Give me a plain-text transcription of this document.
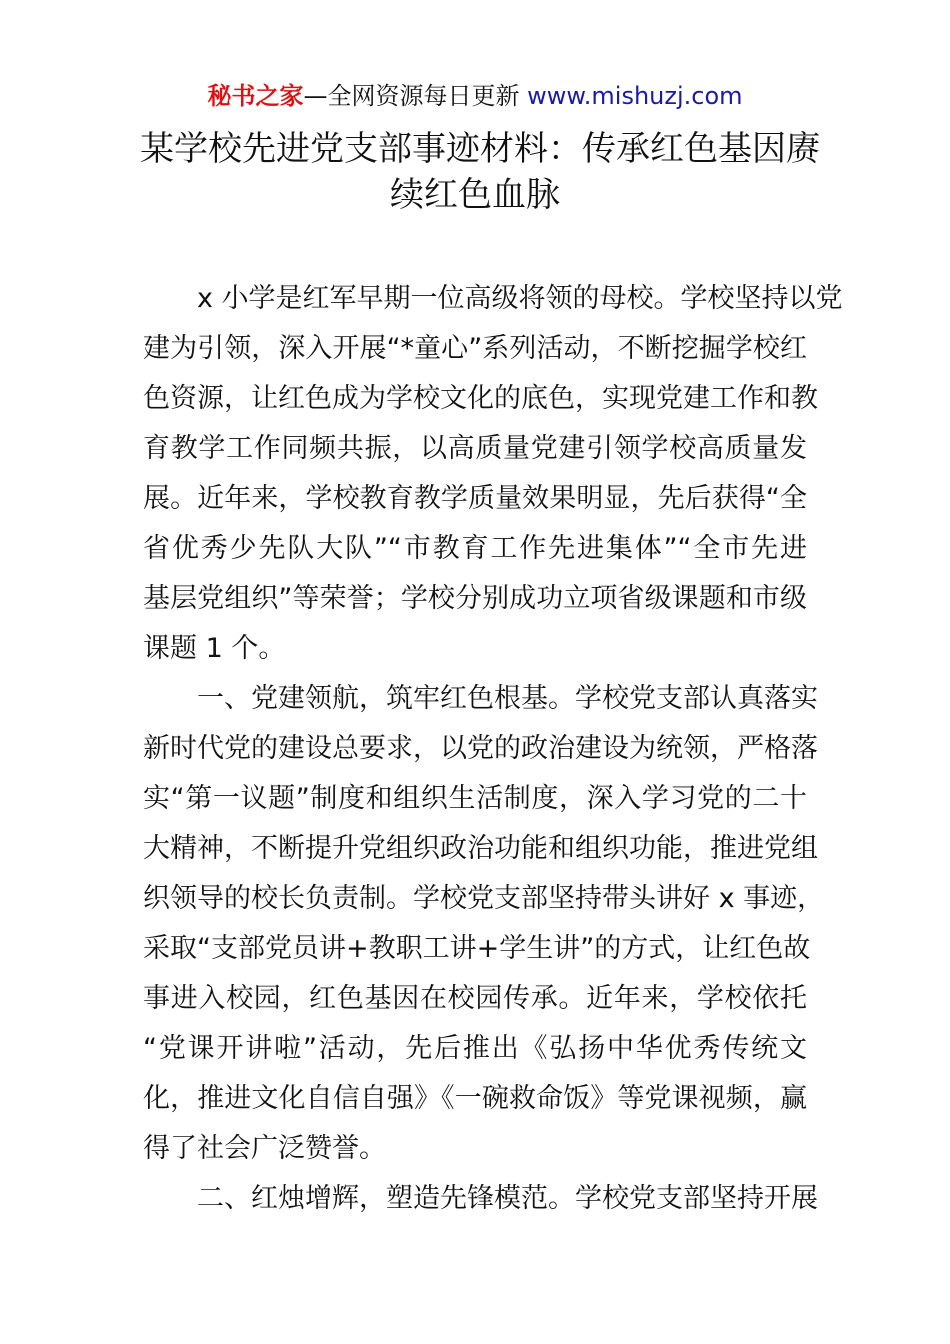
秘书之家—全网资源每日更新 www.mishuzj.com
某学校先进党支部事迹材料：传承红色基因赓
续红色血脉

x 小学是红军早期一位高级将领的母校。学校坚持以党
建为引领，深入开展“*童心”系列活动，不断挖掘学校红
色资源，让红色成为学校文化的底色，实现党建工作和教
育教学工作同频共振，以高质量党建引领学校高质量发
展。近年来，学校教育教学质量效果明显，先后获得“全
省优秀少先队大队”“市教育工作先进集体”“全市先进
基层党组织”等荣誉；学校分别成功立项省级课题和市级
课题 1 个。

一、党建领航，筑牢红色根基。学校党支部认真落实
新时代党的建设总要求，以党的政治建设为统领，严格落
实“第一议题”制度和组织生活制度，深入学习党的二十
大精神，不断提升党组织政治功能和组织功能，推进党组
织领导的校长负责制。学校党支部坚持带头讲好 x 事迹，
采取“支部党员讲+教职工讲+学生讲”的方式，让红色故
事进入校园，红色基因在校园传承。近年来，学校依托
“党课开讲啦”活动，先后推出《弘扬中华优秀传统文
化，推进文化自信自强》《一碗救命饭》等党课视频，赢
得了社会广泛赞誉。

二、红烛增辉，塑造先锋模范。学校党支部坚持开展
